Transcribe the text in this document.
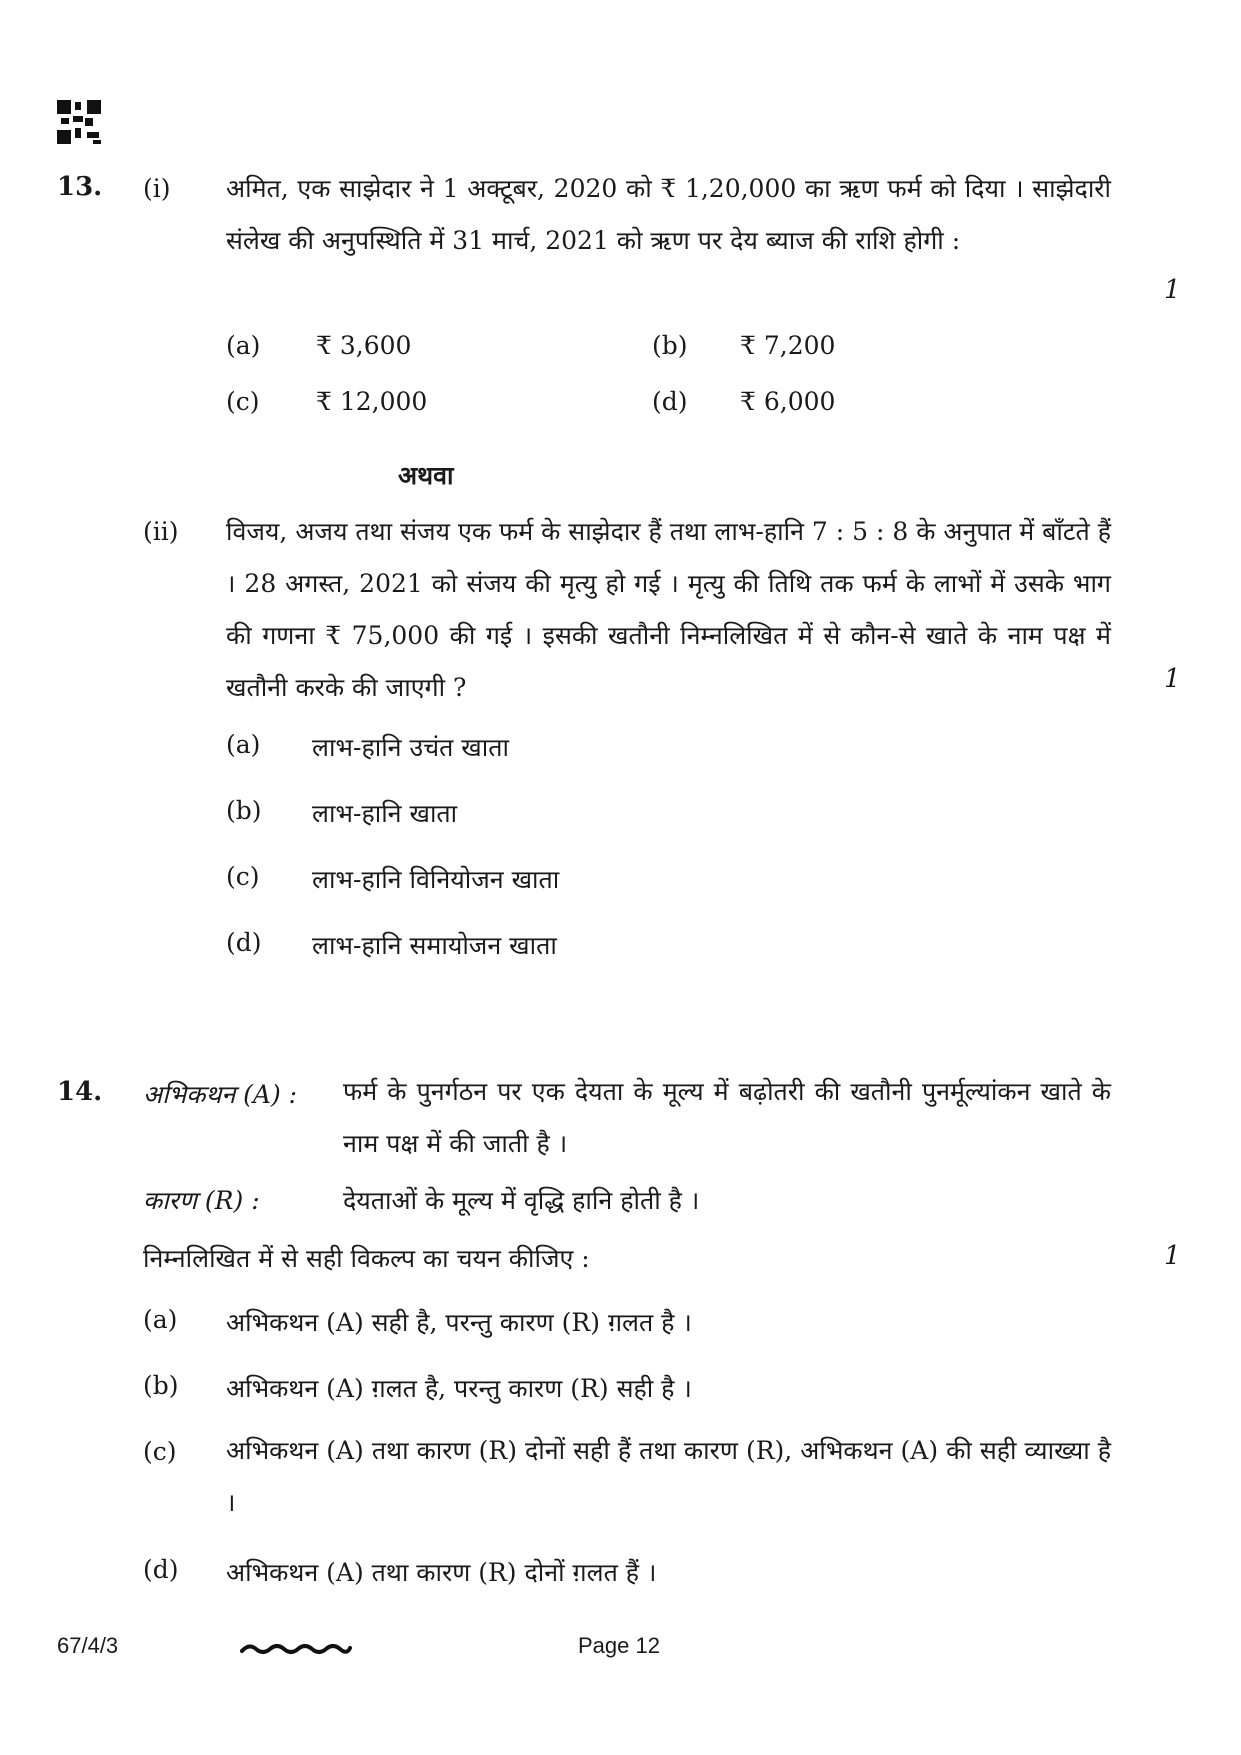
13. (i) अमित, एक साझेदार ने 1 अक्टूबर, 2020 को ₹ 1,20,000 का ऋण फर्म को दिया । साझेदारी संलेख की अनुपस्थिति में 31 मार्च, 2021 को ऋण पर देय ब्याज की राशि होगी :
1
(a) ₹ 3,600	(b) ₹ 7,200
(c) ₹ 12,000	(d) ₹ 6,000
अथवा
(ii) विजय, अजय तथा संजय एक फर्म के साझेदार हैं तथा लाभ-हानि 7 : 5 : 8 के अनुपात में बाँटते हैं । 28 अगस्त, 2021 को संजय की मृत्यु हो गई । मृत्यु की तिथि तक फर्म के लाभों में उसके भाग की गणना ₹ 75,000 की गई । इसकी खतौनी निम्नलिखित में से कौन-से खाते के नाम पक्ष में खतौनी करके की जाएगी ?	1
(a) लाभ-हानि उचंत खाता
(b) लाभ-हानि खाता
(c) लाभ-हानि विनियोजन खाता
(d) लाभ-हानि समायोजन खाता
14. अभिकथन (A) : फर्म के पुनर्गठन पर एक देयता के मूल्य में बढ़ोतरी की खतौनी पुनर्मूल्यांकन खाते के नाम पक्ष में की जाती है ।
कारण (R) :	देयताओं के मूल्य में वृद्धि हानि होती है ।
निम्नलिखित में से सही विकल्प का चयन कीजिए :	1
(a) अभिकथन (A) सही है, परन्तु कारण (R) ग़लत है ।
(b) अभिकथन (A) ग़लत है, परन्तु कारण (R) सही है ।
(c) अभिकथन (A) तथा कारण (R) दोनों सही हैं तथा कारण (R), अभिकथन (A) की सही व्याख्या है ।
(d) अभिकथन (A) तथा कारण (R) दोनों ग़लत हैं ।
67/4/3	Page 12
